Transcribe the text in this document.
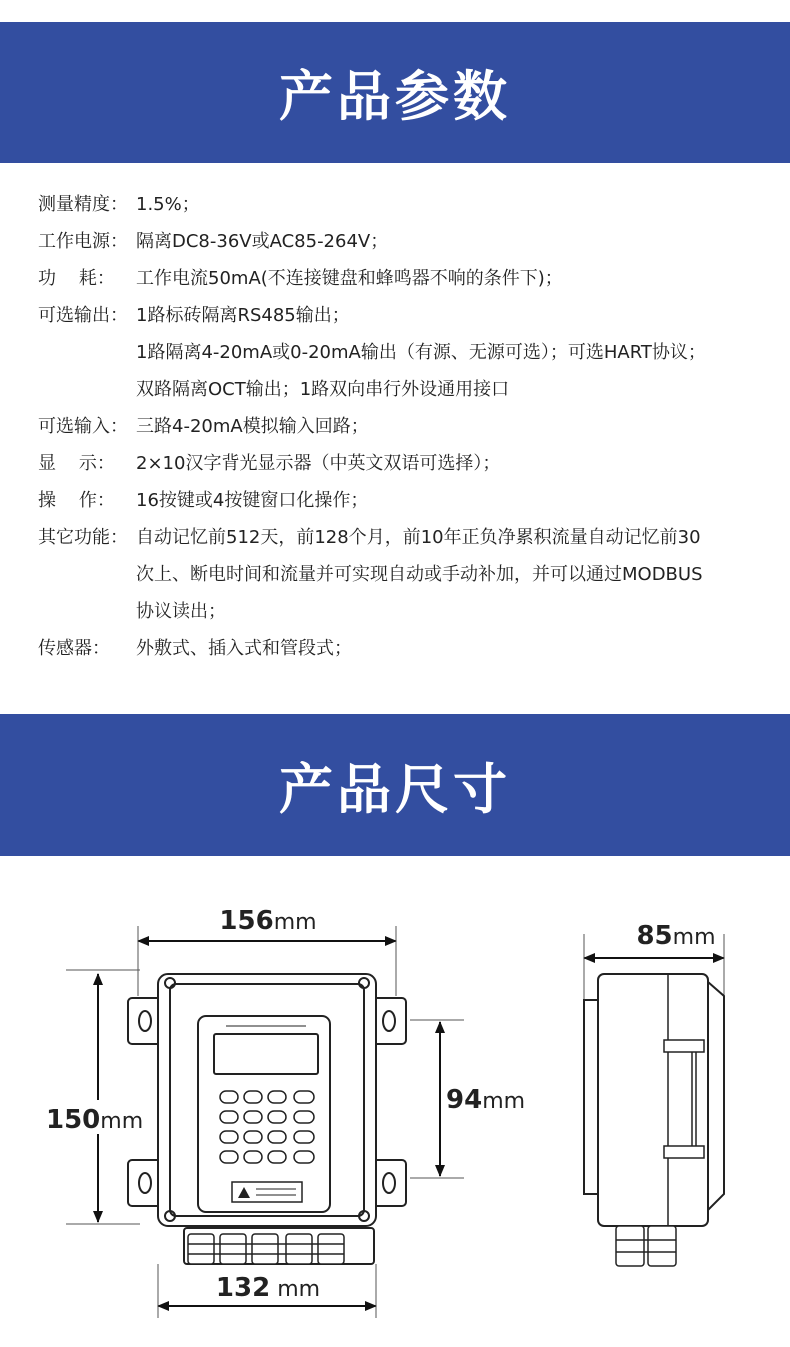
产品参数
测量精度： 1.5%；
工作电源： 隔离DC8-36V或AC85-264V；
功    耗：	工作电流50mA(不连接键盘和蜂鸣器不响的条件下)；
可选输出： 1路标砖隔离RS485输出；
1路隔离4-20mA或0-20mA输出（有源、无源可选）；可选HART协议；
双路隔离OCT输出；1路双向串行外设通用接口
可选输入： 三路4-20mA模拟输入回路；
显    示：	2×10汉字背光显示器（中英文双语可选择）；
操    作：	16按键或4按键窗口化操作；
其它功能： 自动记忆前512天，前128个月，前10年正负净累积流量自动记忆前30
次上、断电时间和流量并可实现自动或手动补加，并可以通过MODBUS
协议读出；
传感器：	外敷式、插入式和管段式；
产品尺寸
156mm
150mm
94mm
132 mm
85mm
